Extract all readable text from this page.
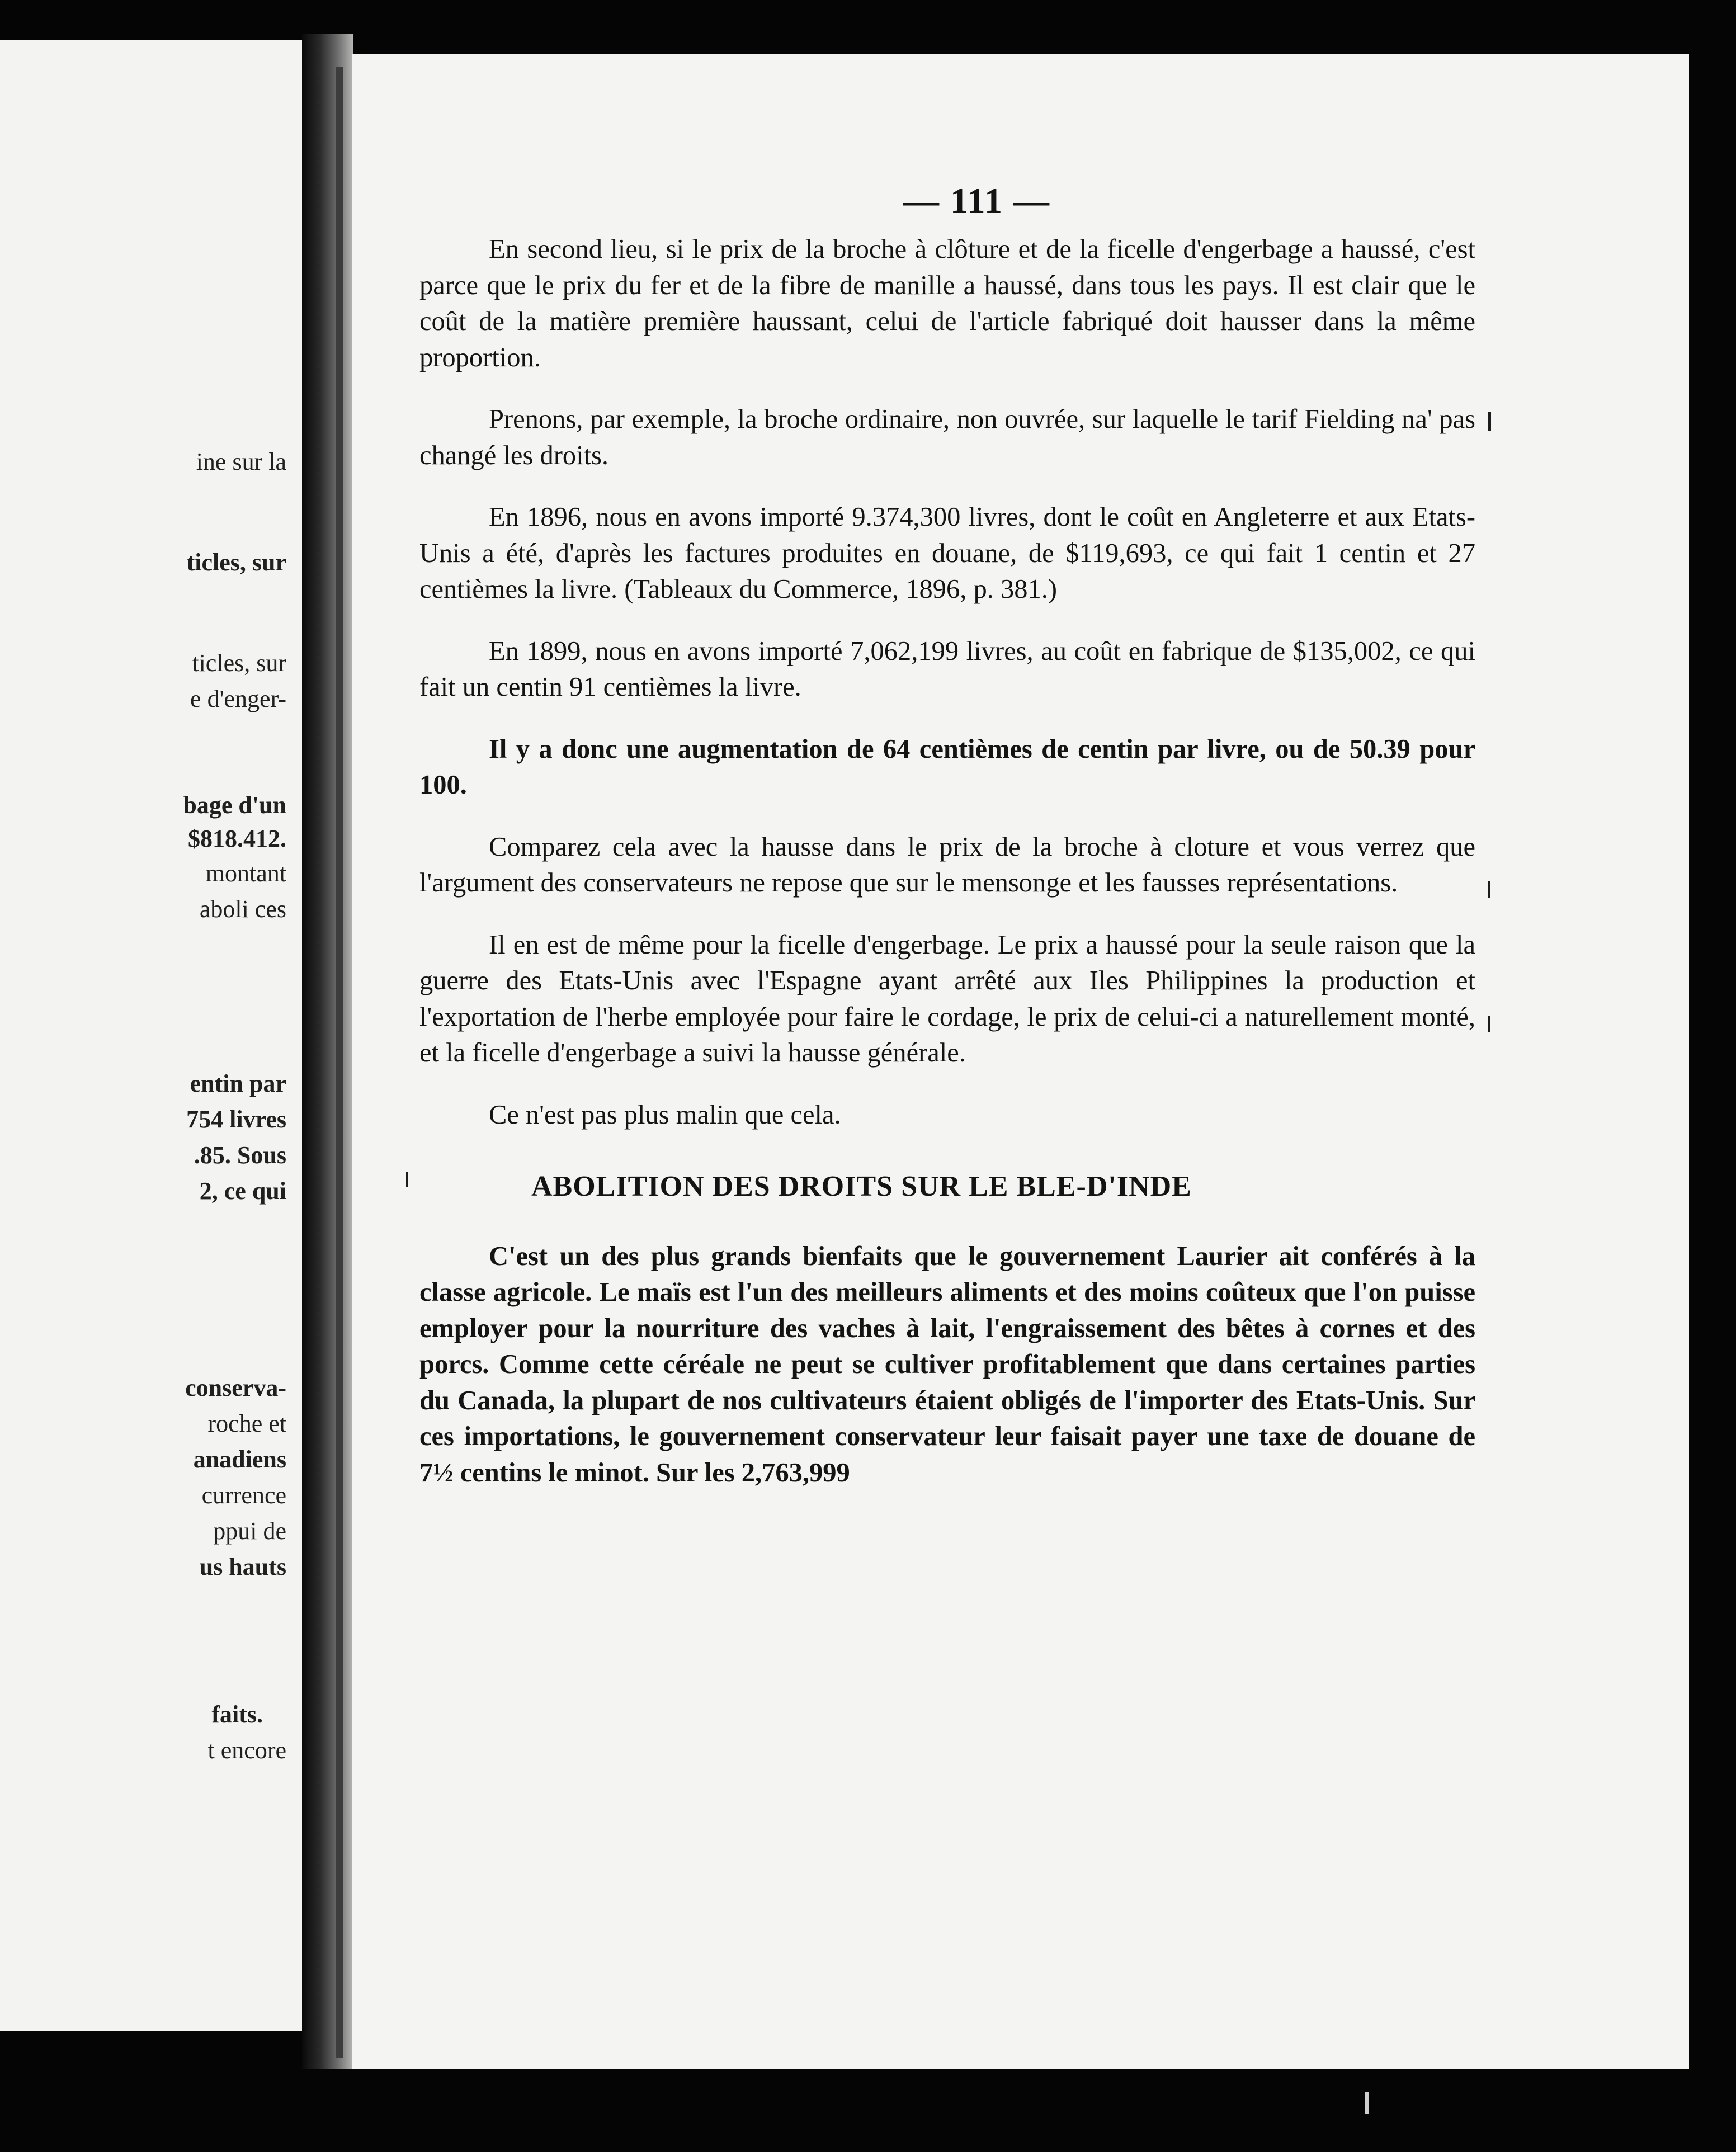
ine sur la
ticles, sur
ticles, sur
e d'enger-
bage d'un
$818.412.
montant
aboli ces
entin par
754 livres
.85. Sous
2, ce qui
conserva-
roche et
anadiens
currence
ppui de
us hauts
faits.
t encore
— 111 —

En second lieu, si le prix de la broche à clôture et de la ficelle d'engerbage a haussé, c'est parce que le prix du fer et de la fibre de manille a haussé, dans tous les pays. Il est clair que le coût de la matière première haussant, celui de l'article fabriqué doit hausser dans la même proportion.

Prenons, par exemple, la broche ordinaire, non ouvrée, sur laquelle le tarif Fielding na' pas changé les droits.

En 1896, nous en avons importé 9.374,300 livres, dont le coût en Angleterre et aux Etats-Unis a été, d'après les factures produites en douane, de $119,693, ce qui fait 1 centin et 27 centièmes la livre. (Tableaux du Commerce, 1896, p. 381.)

En 1899, nous en avons importé 7,062,199 livres, au coût en fabrique de $135,002, ce qui fait un centin 91 centièmes la livre.

Il y a donc une augmentation de 64 centièmes de centin par livre, ou de 50.39 pour 100.

Comparez cela avec la hausse dans le prix de la broche à cloture et vous verrez que l'argument des conservateurs ne repose que sur le mensonge et les fausses représentations.

Il en est de même pour la ficelle d'engerbage. Le prix a haussé pour la seule raison que la guerre des Etats-Unis avec l'Espagne ayant arrêté aux Iles Philippines la production et l'exportation de l'herbe employée pour faire le cordage, le prix de celui-ci a naturellement monté, et la ficelle d'engerbage a suivi la hausse générale.

Ce n'est pas plus malin que cela.

ABOLITION DES DROITS SUR LE BLE-D'INDE

C'est un des plus grands bienfaits que le gouvernement Laurier ait conférés à la classe agricole. Le maïs est l'un des meilleurs aliments et des moins coûteux que l'on puisse employer pour la nourriture des vaches à lait, l'engraissement des bêtes à cornes et des porcs. Comme cette céréale ne peut se cultiver profitablement que dans certaines parties du Canada, la plupart de nos cultivateurs étaient obligés de l'importer des Etats-Unis. Sur ces importations, le gouvernement conservateur leur faisait payer une taxe de douane de 7½ centins le minot. Sur les 2,763,999
